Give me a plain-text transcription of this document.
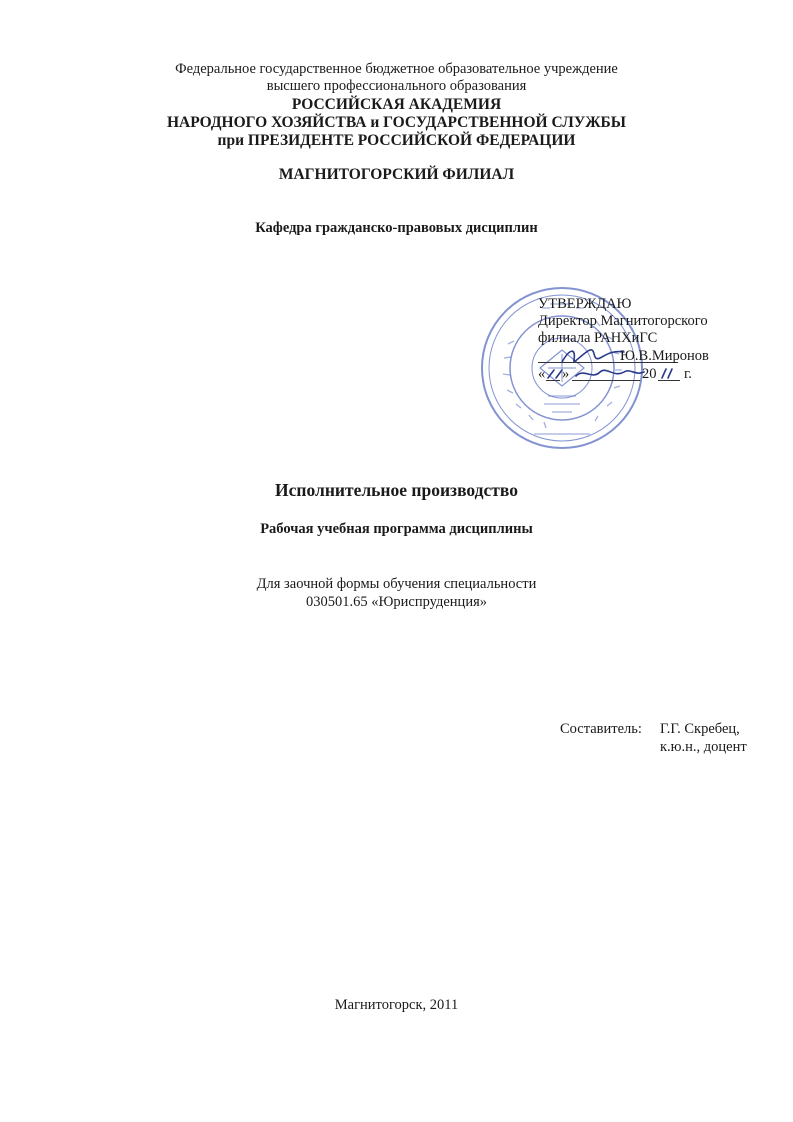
Федеральное государственное бюджетное образовательное учреждение
высшего профессионального образования
РОССИЙСКАЯ АКАДЕМИЯ
НАРОДНОГО ХОЗЯЙСТВА и ГОСУДАРСТВЕННОЙ СЛУЖБЫ
при ПРЕЗИДЕНТЕ РОССИЙСКОЙ ФЕДЕРАЦИИ
МАГНИТОГОРСКИЙ ФИЛИАЛ
Кафедра гражданско-правовых дисциплин
УТВЕРЖДАЮ
Директор Магнитогорского
филиала РАНХиГС
Ю.В.Миронов
« »	20 г.
Исполнительное производство
Рабочая учебная программа дисциплины
Для заочной формы обучения специальности
030501.65 «Юриспруденция»
Составитель: Г.Г. Скребец,
к.ю.н., доцент
Магнитогорск, 2011
